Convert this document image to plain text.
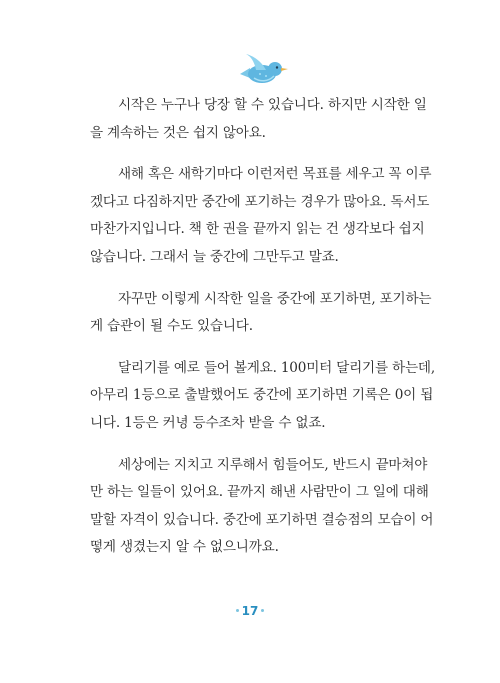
시작은 누구나 당장 할 수 있습니다. 하지만 시작한 일
을 계속하는 것은 쉽지 않아요.
새해 혹은 새학기마다 이런저런 목표를 세우고 꼭 이루
겠다고 다짐하지만 중간에 포기하는 경우가 많아요. 독서도
마찬가지입니다. 책 한 권을 끝까지 읽는 건 생각보다 쉽지
않습니다. 그래서 늘 중간에 그만두고 말죠.
자꾸만 이렇게 시작한 일을 중간에 포기하면, 포기하는
게 습관이 될 수도 있습니다.
달리기를 예로 들어 볼게요. 100미터 달리기를 하는데,
아무리 1등으로 출발했어도 중간에 포기하면 기록은 0이 됩
니다. 1등은 커녕 등수조차 받을 수 없죠.
세상에는 지치고 지루해서 힘들어도, 반드시 끝마쳐야
만 하는 일들이 있어요. 끝까지 해낸 사람만이 그 일에 대해
말할 자격이 있습니다. 중간에 포기하면 결승점의 모습이 어
떻게 생겼는지 알 수 없으니까요.
17
